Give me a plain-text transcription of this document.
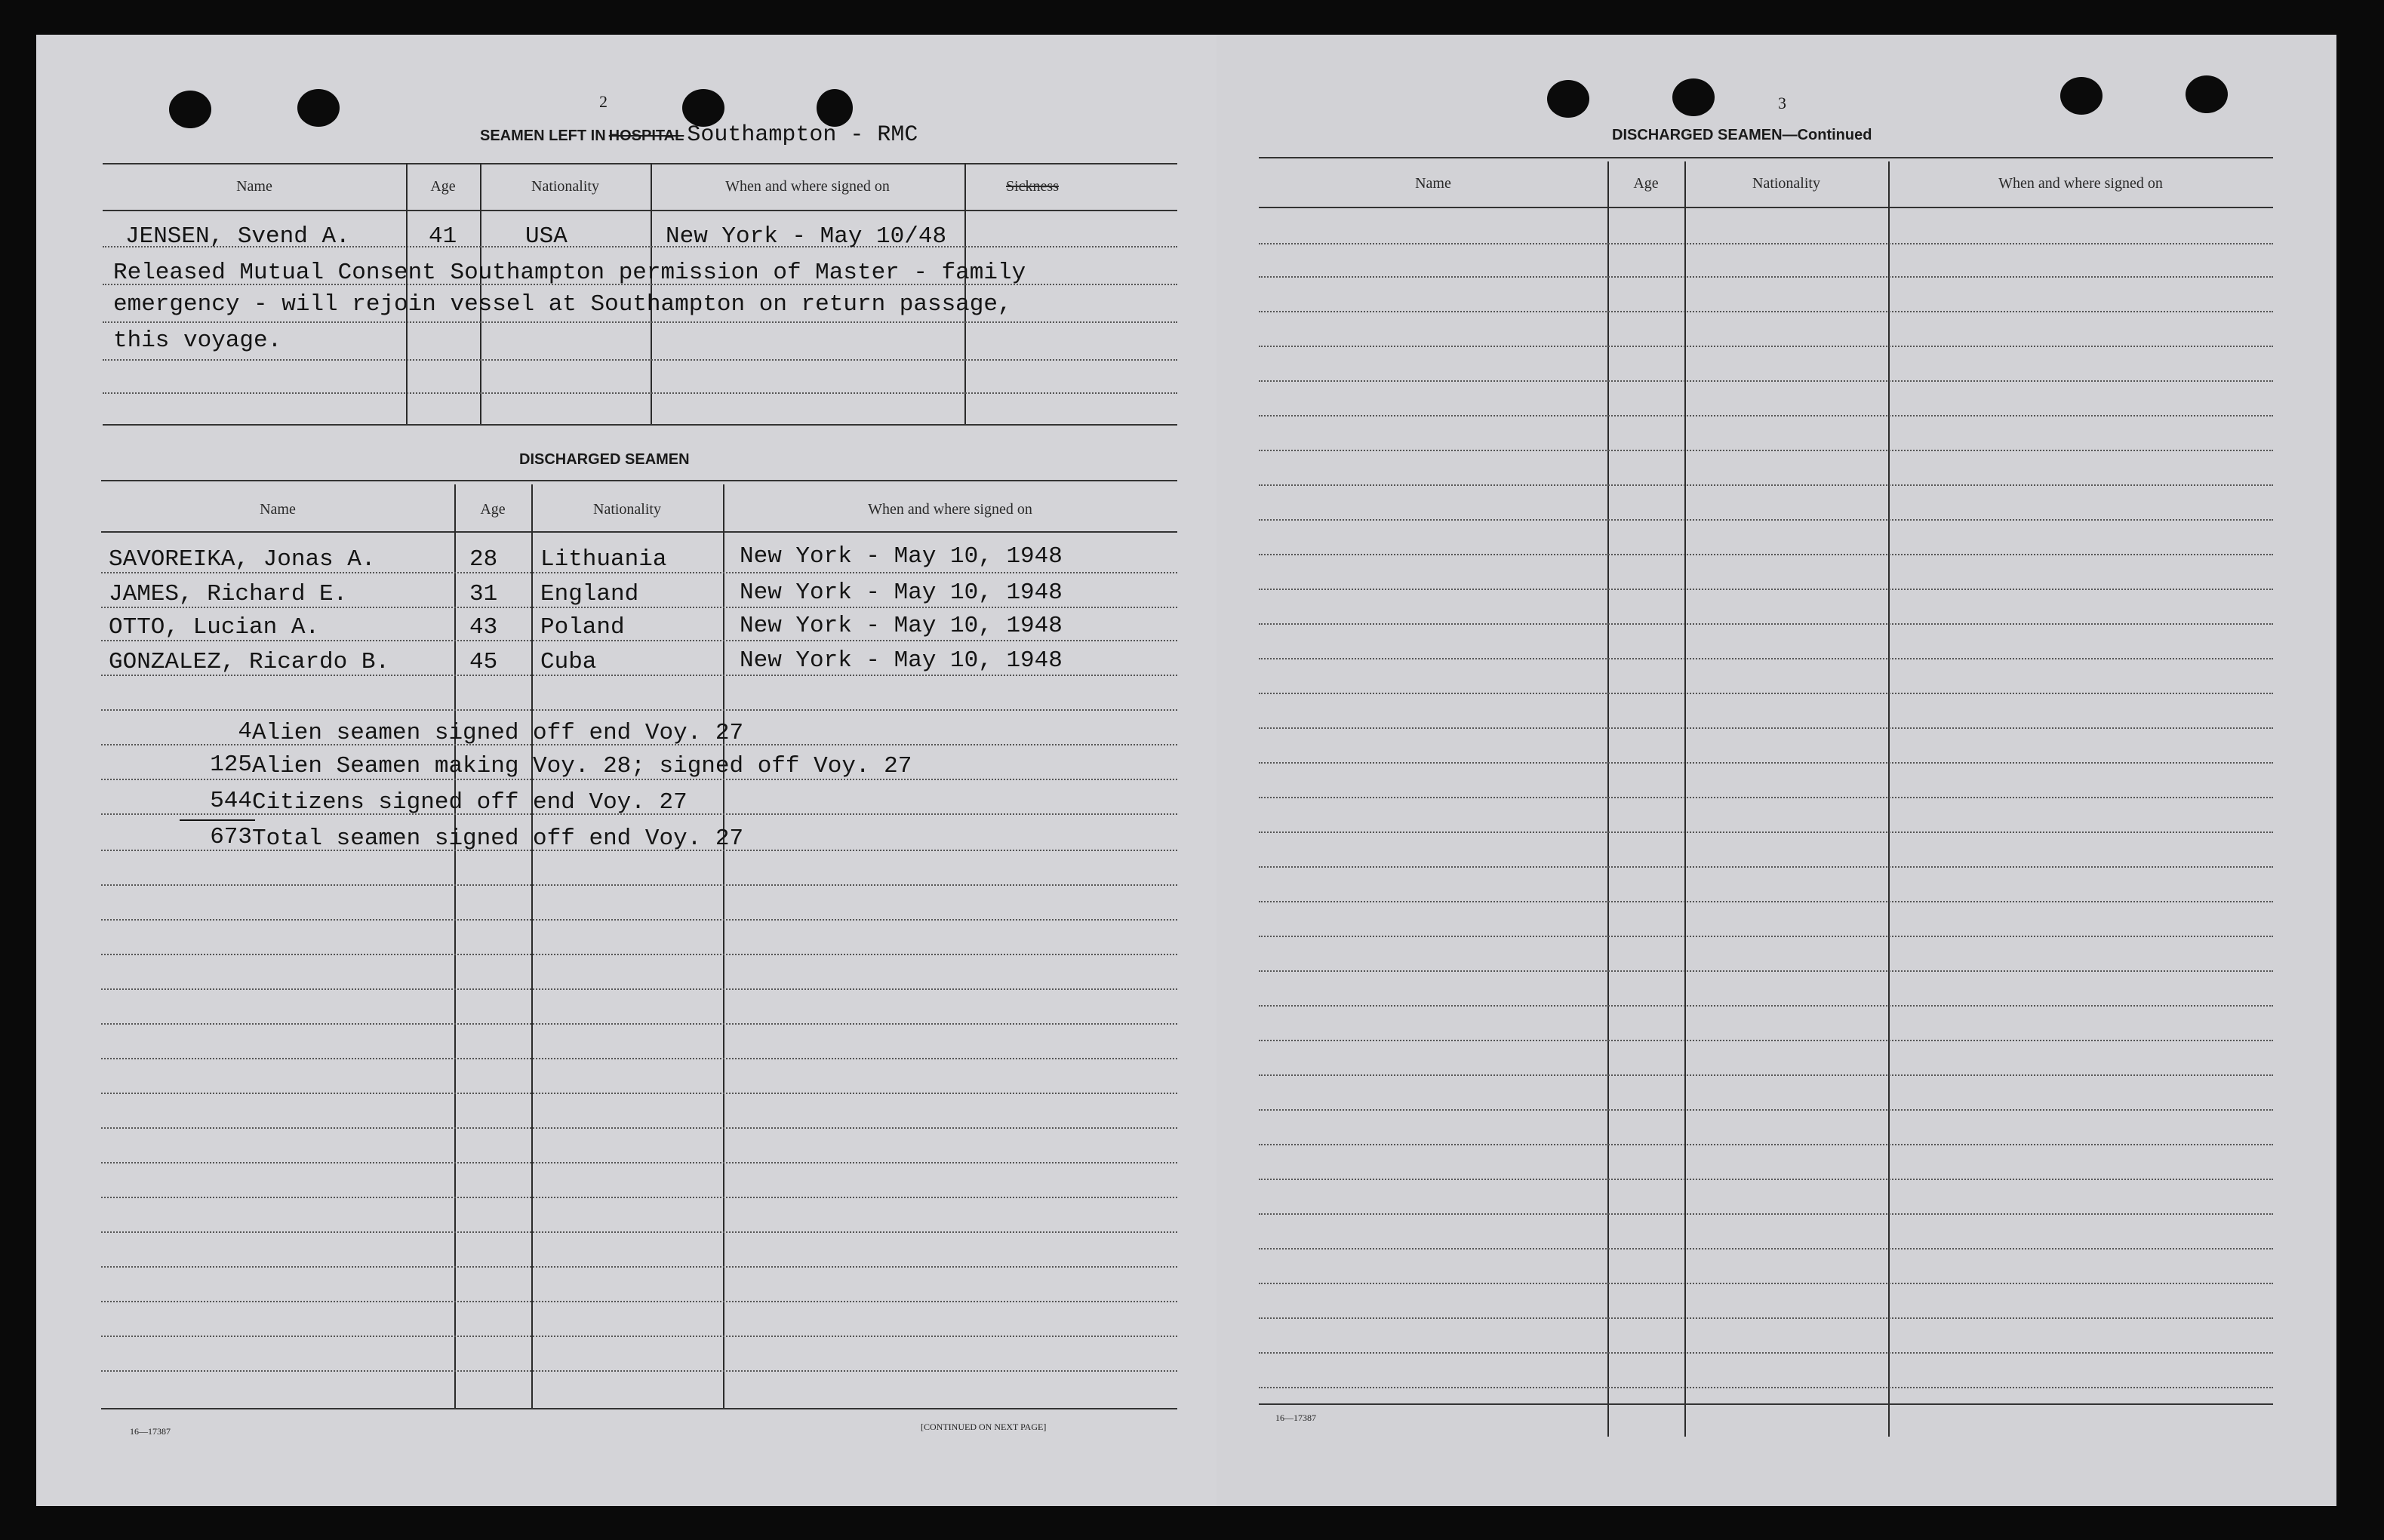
2
SEAMEN LEFT IN HOSPITAL Southampton - RMC
Name	Age	Nationality	When and where signed on	Sickness
JENSEN, Svend A.	41	USA	New York - May 10/48
Released Mutual Consent Southampton permission of Master - family
emergency - will rejoin vessel at Southampton on return passage,
this voyage.
DISCHARGED SEAMEN
Name	Age	Nationality	When and where signed on
SAVOREIKA, Jonas A.	28 Lithuania	New York - May 10, 1948
JAMES, Richard E.	31 England	New York - May 10, 1948
OTTO, Lucian A.	43 Poland	New York - May 10, 1948
GONZALEZ, Ricardo B.	45 Cuba	New York - May 10, 1948
4 Alien seamen signed off end Voy. 27
125 Alien Seamen making Voy. 28; signed off Voy. 27
544 Citizens signed off end Voy. 27
673 Total seamen signed off end Voy. 27
16—17387	[CONTINUED ON NEXT PAGE]
3
DISCHARGED SEAMEN—Continued
Name	Age	Nationality	When and where signed on
16—17387
